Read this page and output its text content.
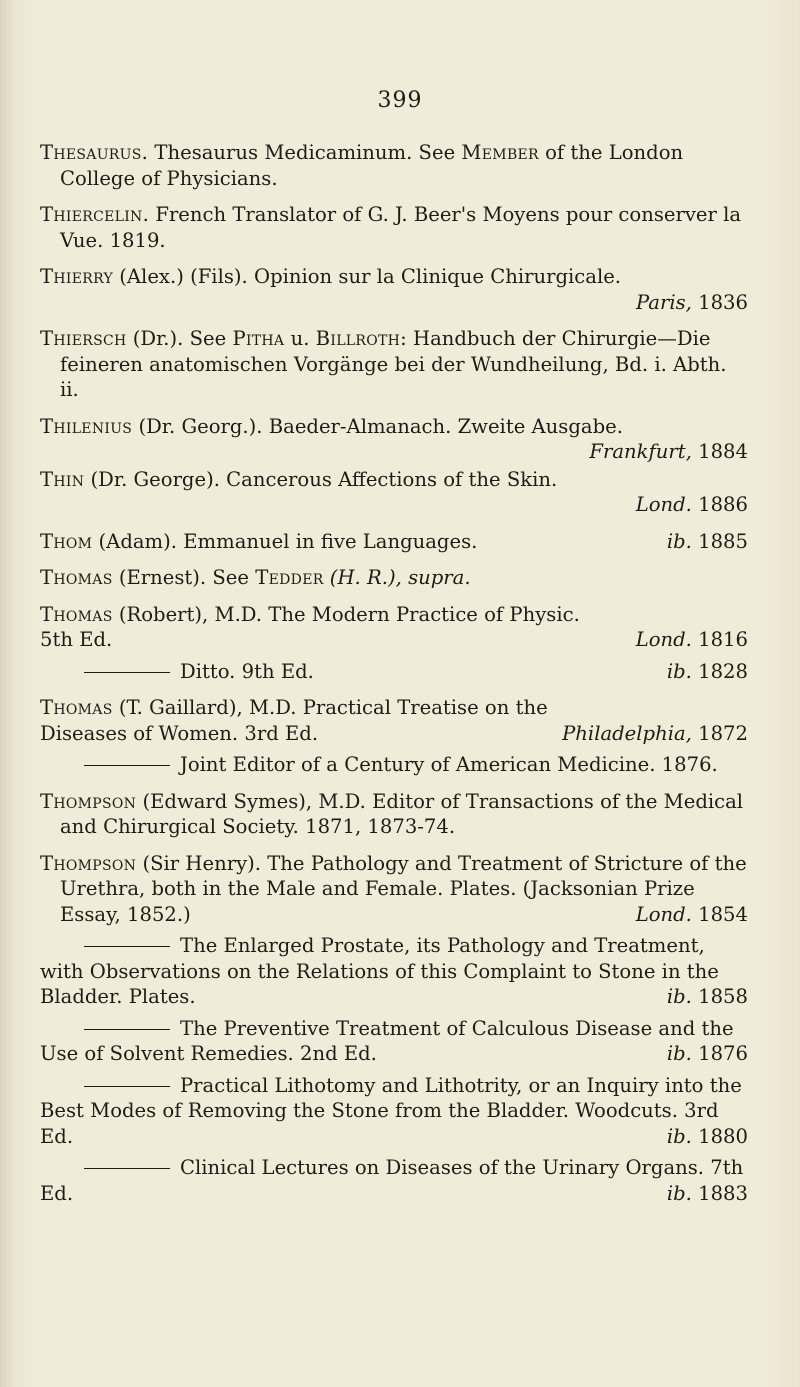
399
Thesaurus. Thesaurus Medicaminum. See Member of the London College of Physicians.
Thiercelin. French Translator of G. J. Beer's Moyens pour conserver la Vue. 1819.
Thierry (Alex.) (Fils). Opinion sur la Clinique Chirurgicale.
Paris, 1836
Thiersch (Dr.). See Pitha u. Billroth: Handbuch der Chirurgie—Die feineren anatomischen Vorgänge bei der Wundheilung, Bd. i. Abth. ii.
Thilenius (Dr. Georg.). Baeder-Almanach. Zweite Ausgabe.
Frankfurt, 1884
Thin (Dr. George). Cancerous Affections of the Skin.
Lond. 1886
Thom (Adam). Emmanuel in five Languages.	ib. 1885
Thomas (Ernest). See Tedder (H. R.), supra.
Thomas (Robert), M.D. The Modern Practice of Physic.
5th Ed.	Lond. 1816
Ditto. 9th Ed.	ib. 1828
Thomas (T. Gaillard), M.D. Practical Treatise on the
Diseases of Women. 3rd Ed.	Philadelphia, 1872
Joint Editor of a Century of American Medicine. 1876.
Thompson (Edward Symes), M.D. Editor of Transactions of the Medical and Chirurgical Society. 1871, 1873-74.
Thompson (Sir Henry). The Pathology and Treatment of Stricture of the Urethra, both in the Male and Female. Plates. (Jacksonian Prize Essay, 1852.)	Lond. 1854
The Enlarged Prostate, its Pathology and Treatment, with Observations on the Relations of this Complaint to Stone in the Bladder. Plates.	ib. 1858
The Preventive Treatment of Calculous Disease and the Use of Solvent Remedies. 2nd Ed.	ib. 1876
Practical Lithotomy and Lithotrity, or an Inquiry into the Best Modes of Removing the Stone from the Bladder. Woodcuts. 3rd Ed.	ib. 1880
Clinical Lectures on Diseases of the Urinary Organs. 7th Ed.	ib. 1883
